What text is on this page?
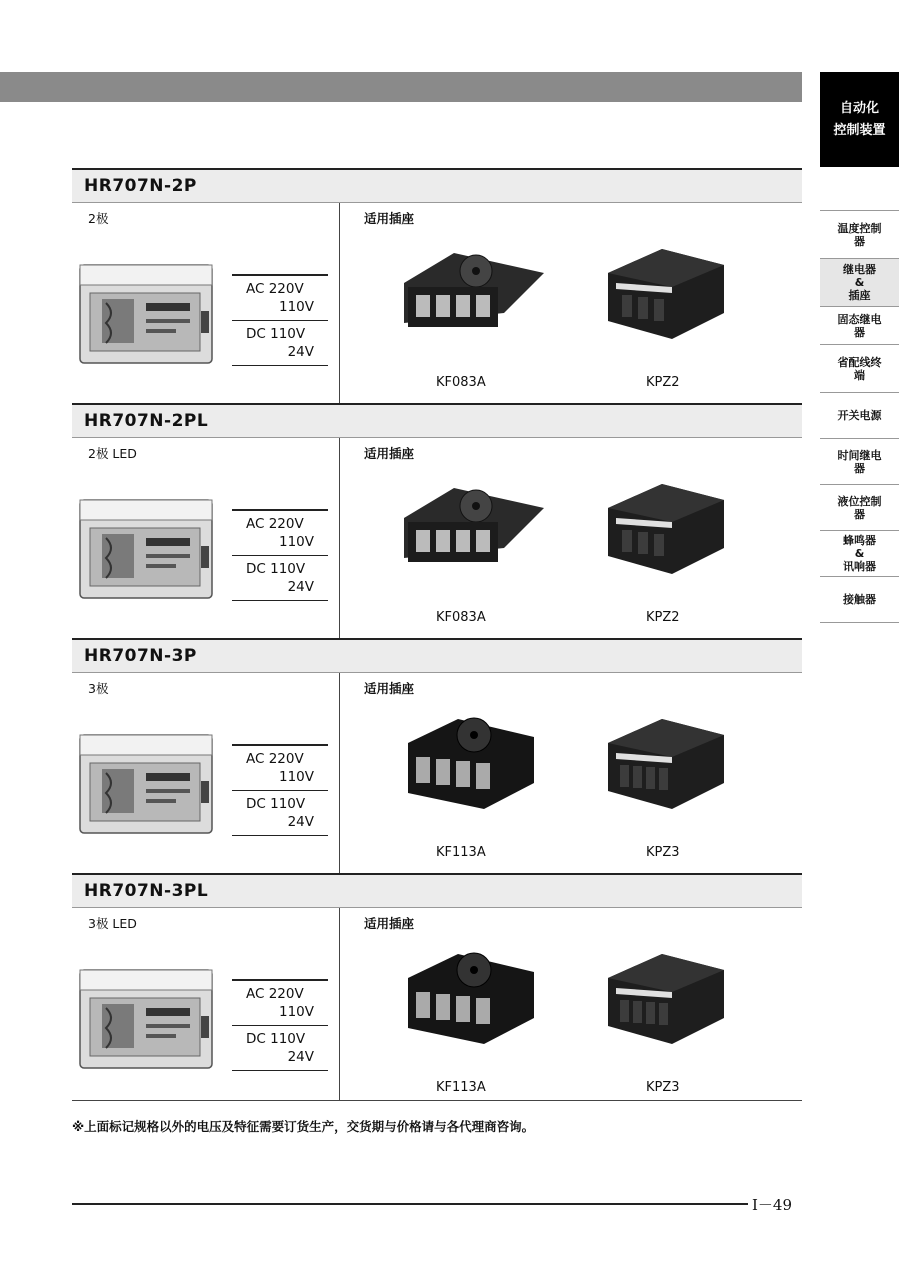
自动化
控制装置
温度控制
器
继电器
&
插座
固态继电
器
省配线终
端
开关电源
时间继电
器
液位控制
器
蜂鸣器
&
讯响器
接触器
HR707N-2P
2极	适用插座
AC 220V
110V
DC 110V
24V
KF083A	KPZ2
HR707N-2PL
2极 LED	适用插座
AC 220V
110V
DC 110V
24V
KF083A	KPZ2
HR707N-3P
3极	适用插座
AC 220V
110V
DC 110V
24V
KF113A	KPZ3
HR707N-3PL
3极 LED	适用插座
AC 220V
110V
DC 110V
24V
KF113A	KPZ3
※上面标记规格以外的电压及特征需要订货生产，交货期与价格请与各代理商咨询。
I－49
